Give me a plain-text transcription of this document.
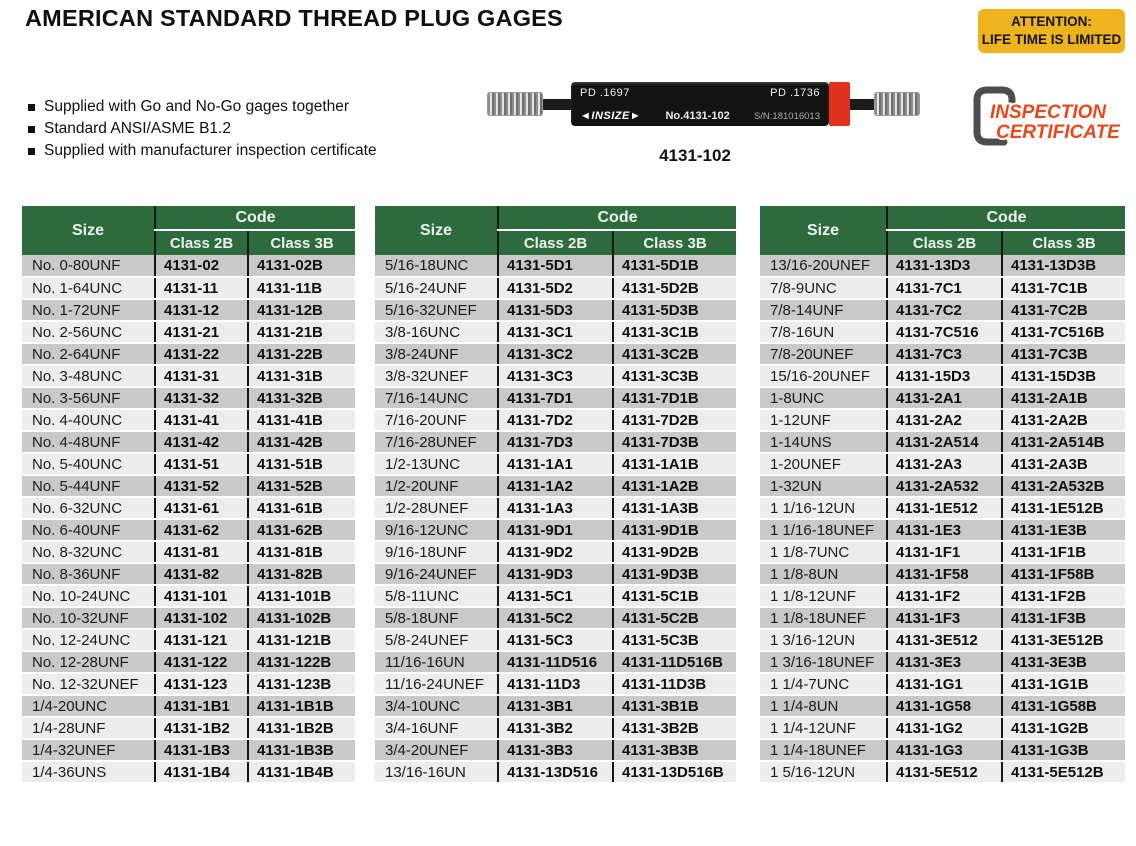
AMERICAN STANDARD THREAD PLUG GAGES	ATTENTION:
LIFE TIME IS LIMITED
Supplied with Go and No-Go gages together
Standard ANSI/ASME B1.2
Supplied with manufacturer inspection certificate
PD .1697	PD .1736
◄INSIZE► No.4131-102	S/N:181016013
4131-102
INSPECTION
CERTIFICATE
Size	Code	
	Class 2B	Class 3B
No. 0-80UNF	4131-02	4131-02B
No. 1-64UNC	4131-11	4131-11B
No. 1-72UNF	4131-12	4131-12B
No. 2-56UNC	4131-21	4131-21B
No. 2-64UNF	4131-22	4131-22B
No. 3-48UNC	4131-31	4131-31B
No. 3-56UNF	4131-32	4131-32B
No. 4-40UNC	4131-41	4131-41B
No. 4-48UNF	4131-42	4131-42B
No. 5-40UNC	4131-51	4131-51B
No. 5-44UNF	4131-52	4131-52B
No. 6-32UNC	4131-61	4131-61B
No. 6-40UNF	4131-62	4131-62B
No. 8-32UNC	4131-81	4131-81B
No. 8-36UNF	4131-82	4131-82B
No. 10-24UNC	4131-101	4131-101B
No. 10-32UNF	4131-102	4131-102B
No. 12-24UNC	4131-121	4131-121B
No. 12-28UNF	4131-122	4131-122B
No. 12-32UNEF	4131-123	4131-123B
1/4-20UNC	4131-1B1	4131-1B1B
1/4-28UNF	4131-1B2	4131-1B2B
1/4-32UNEF	4131-1B3	4131-1B3B
1/4-36UNS	4131-1B4	4131-1B4B
Size	Code	
	Class 2B	Class 3B
5/16-18UNC	4131-5D1	4131-5D1B
5/16-24UNF	4131-5D2	4131-5D2B
5/16-32UNEF	4131-5D3	4131-5D3B
3/8-16UNC	4131-3C1	4131-3C1B
3/8-24UNF	4131-3C2	4131-3C2B
3/8-32UNEF	4131-3C3	4131-3C3B
7/16-14UNC	4131-7D1	4131-7D1B
7/16-20UNF	4131-7D2	4131-7D2B
7/16-28UNEF	4131-7D3	4131-7D3B
1/2-13UNC	4131-1A1	4131-1A1B
1/2-20UNF	4131-1A2	4131-1A2B
1/2-28UNEF	4131-1A3	4131-1A3B
9/16-12UNC	4131-9D1	4131-9D1B
9/16-18UNF	4131-9D2	4131-9D2B
9/16-24UNEF	4131-9D3	4131-9D3B
5/8-11UNC	4131-5C1	4131-5C1B
5/8-18UNF	4131-5C2	4131-5C2B
5/8-24UNEF	4131-5C3	4131-5C3B
11/16-16UN	4131-11D516	4131-11D516B
11/16-24UNEF	4131-11D3	4131-11D3B
3/4-10UNC	4131-3B1	4131-3B1B
3/4-16UNF	4131-3B2	4131-3B2B
3/4-20UNEF	4131-3B3	4131-3B3B
13/16-16UN	4131-13D516	4131-13D516B
Size	Code	
	Class 2B	Class 3B
13/16-20UNEF	4131-13D3	4131-13D3B
7/8-9UNC	4131-7C1	4131-7C1B
7/8-14UNF	4131-7C2	4131-7C2B
7/8-16UN	4131-7C516	4131-7C516B
7/8-20UNEF	4131-7C3	4131-7C3B
15/16-20UNEF	4131-15D3	4131-15D3B
1-8UNC	4131-2A1	4131-2A1B
1-12UNF	4131-2A2	4131-2A2B
1-14UNS	4131-2A514	4131-2A514B
1-20UNEF	4131-2A3	4131-2A3B
1-32UN	4131-2A532	4131-2A532B
1 1/16-12UN	4131-1E512	4131-1E512B
1 1/16-18UNEF	4131-1E3	4131-1E3B
1 1/8-7UNC	4131-1F1	4131-1F1B
1 1/8-8UN	4131-1F58	4131-1F58B
1 1/8-12UNF	4131-1F2	4131-1F2B
1 1/8-18UNEF	4131-1F3	4131-1F3B
1 3/16-12UN	4131-3E512	4131-3E512B
1 3/16-18UNEF	4131-3E3	4131-3E3B
1 1/4-7UNC	4131-1G1	4131-1G1B
1 1/4-8UN	4131-1G58	4131-1G58B
1 1/4-12UNF	4131-1G2	4131-1G2B
1 1/4-18UNEF	4131-1G3	4131-1G3B
1 5/16-12UN	4131-5E512	4131-5E512B
